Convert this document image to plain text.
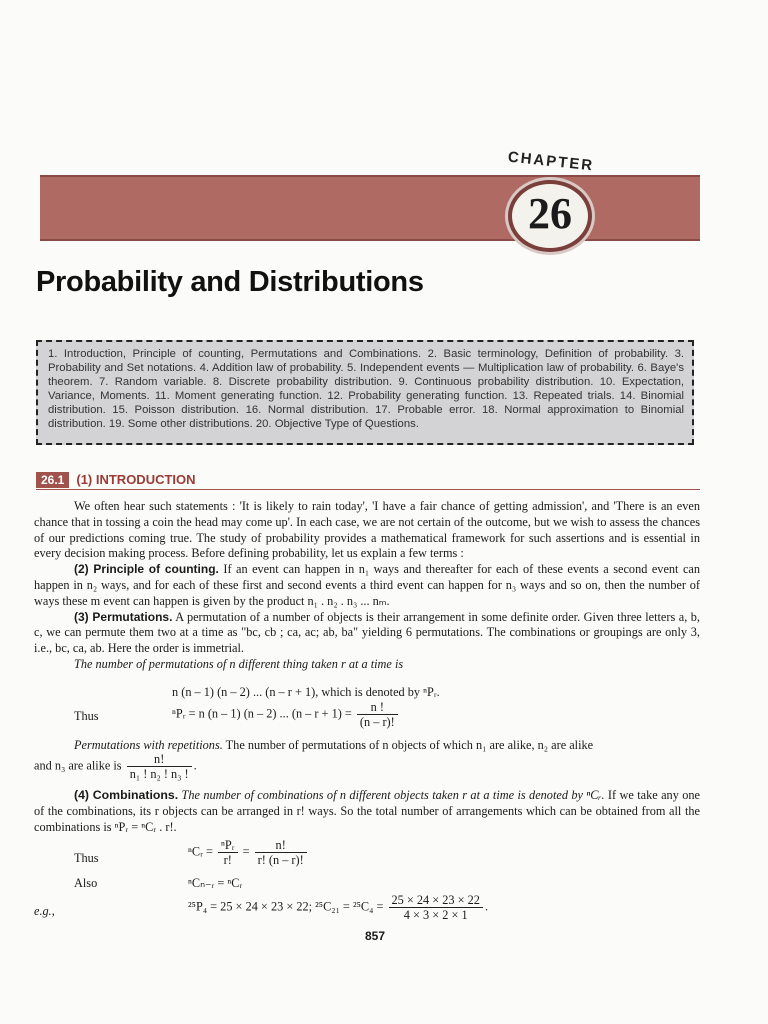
CHAPTER
26
Probability and Distributions
1. Introduction, Principle of counting, Permutations and Combinations. 2. Basic terminology, Definition of probability. 3. Probability and Set notations. 4. Addition law of probability. 5. Independent events — Multiplication law of probability. 6. Baye's theorem. 7. Random variable. 8. Discrete probability distribution. 9. Continuous probability distribution. 10. Expectation, Variance, Moments. 11. Moment generating function. 12. Probability generating function. 13. Repeated trials. 14. Binomial distribution. 15. Poisson distribution. 16. Normal distribution. 17. Probable error. 18. Normal approximation to Binomial distribution. 19. Some other distributions. 20. Objective Type of Questions.
26.1 (1) INTRODUCTION

We often hear such statements : 'It is likely to rain today', 'I have a fair chance of getting admission', and 'There is an even chance that in tossing a coin the head may come up'. In each case, we are not certain of the outcome, but we wish to assess the chances of our predictions coming true. The study of probability provides a mathematical framework for such assertions and is essential in every decision making process. Before defining probability, let us explain a few terms :

(2) Principle of counting. If an event can happen in n₁ ways and thereafter for each of these events a second event can happen in n₂ ways, and for each of these first and second events a third event can happen for n₃ ways and so on, then the number of ways these m event can happen is given by the product n₁ . n₂ . n₃ ... nₘ.

(3) Permutations. A permutation of a number of objects is their arrangement in some definite order. Given three letters a, b, c, we can permute them two at a time as "bc, cb ; ca, ac; ab, ba" yielding 6 permutations. The combinations or groupings are only 3, i.e., bc, ca, ab. Here the order is immetrial.

The number of permutations of n different thing taken r at a time is
n (n – 1) (n – 2) ... (n – r + 1), which is denoted by ⁿPᵣ.
Thus	ⁿPᵣ = n (n – 1) (n – 2) ... $(n - r + 1) = \frac{n !}{(n - r)!}$
Permutations with repetitions. The number of permutations of n objects of which n₁ are alike, n₂ are alike
and n₃ are alike is $\frac{n!}{\text{n₁ ! n₂ ! n₃ !}}$ .
(4) Combinations. The number of combinations of n different objects taken r at a time is denoted by ⁿCᵣ. If we take any one of the combinations, its r objects can be arranged in r! ways. So the total number of arrangements which can be obtained from all the combinations is ⁿPᵣ = ⁿCᵣ . r!.
Thus	ⁿCᵣ = $\frac{\text{ⁿPᵣ}}{r!} = \frac{n!}{r! (n - r)!}$
Also	ⁿCₙ₋ᵣ = ⁿCᵣ
e.g.,	²⁵P₄ = 25 × 24 × 23 × 22; $^{25}C_{21} = ^{25}C_4 = \frac{25 \times 24 \times 23 \times 22}{4 \times 3 \times 2 \times 1}$ .
857
